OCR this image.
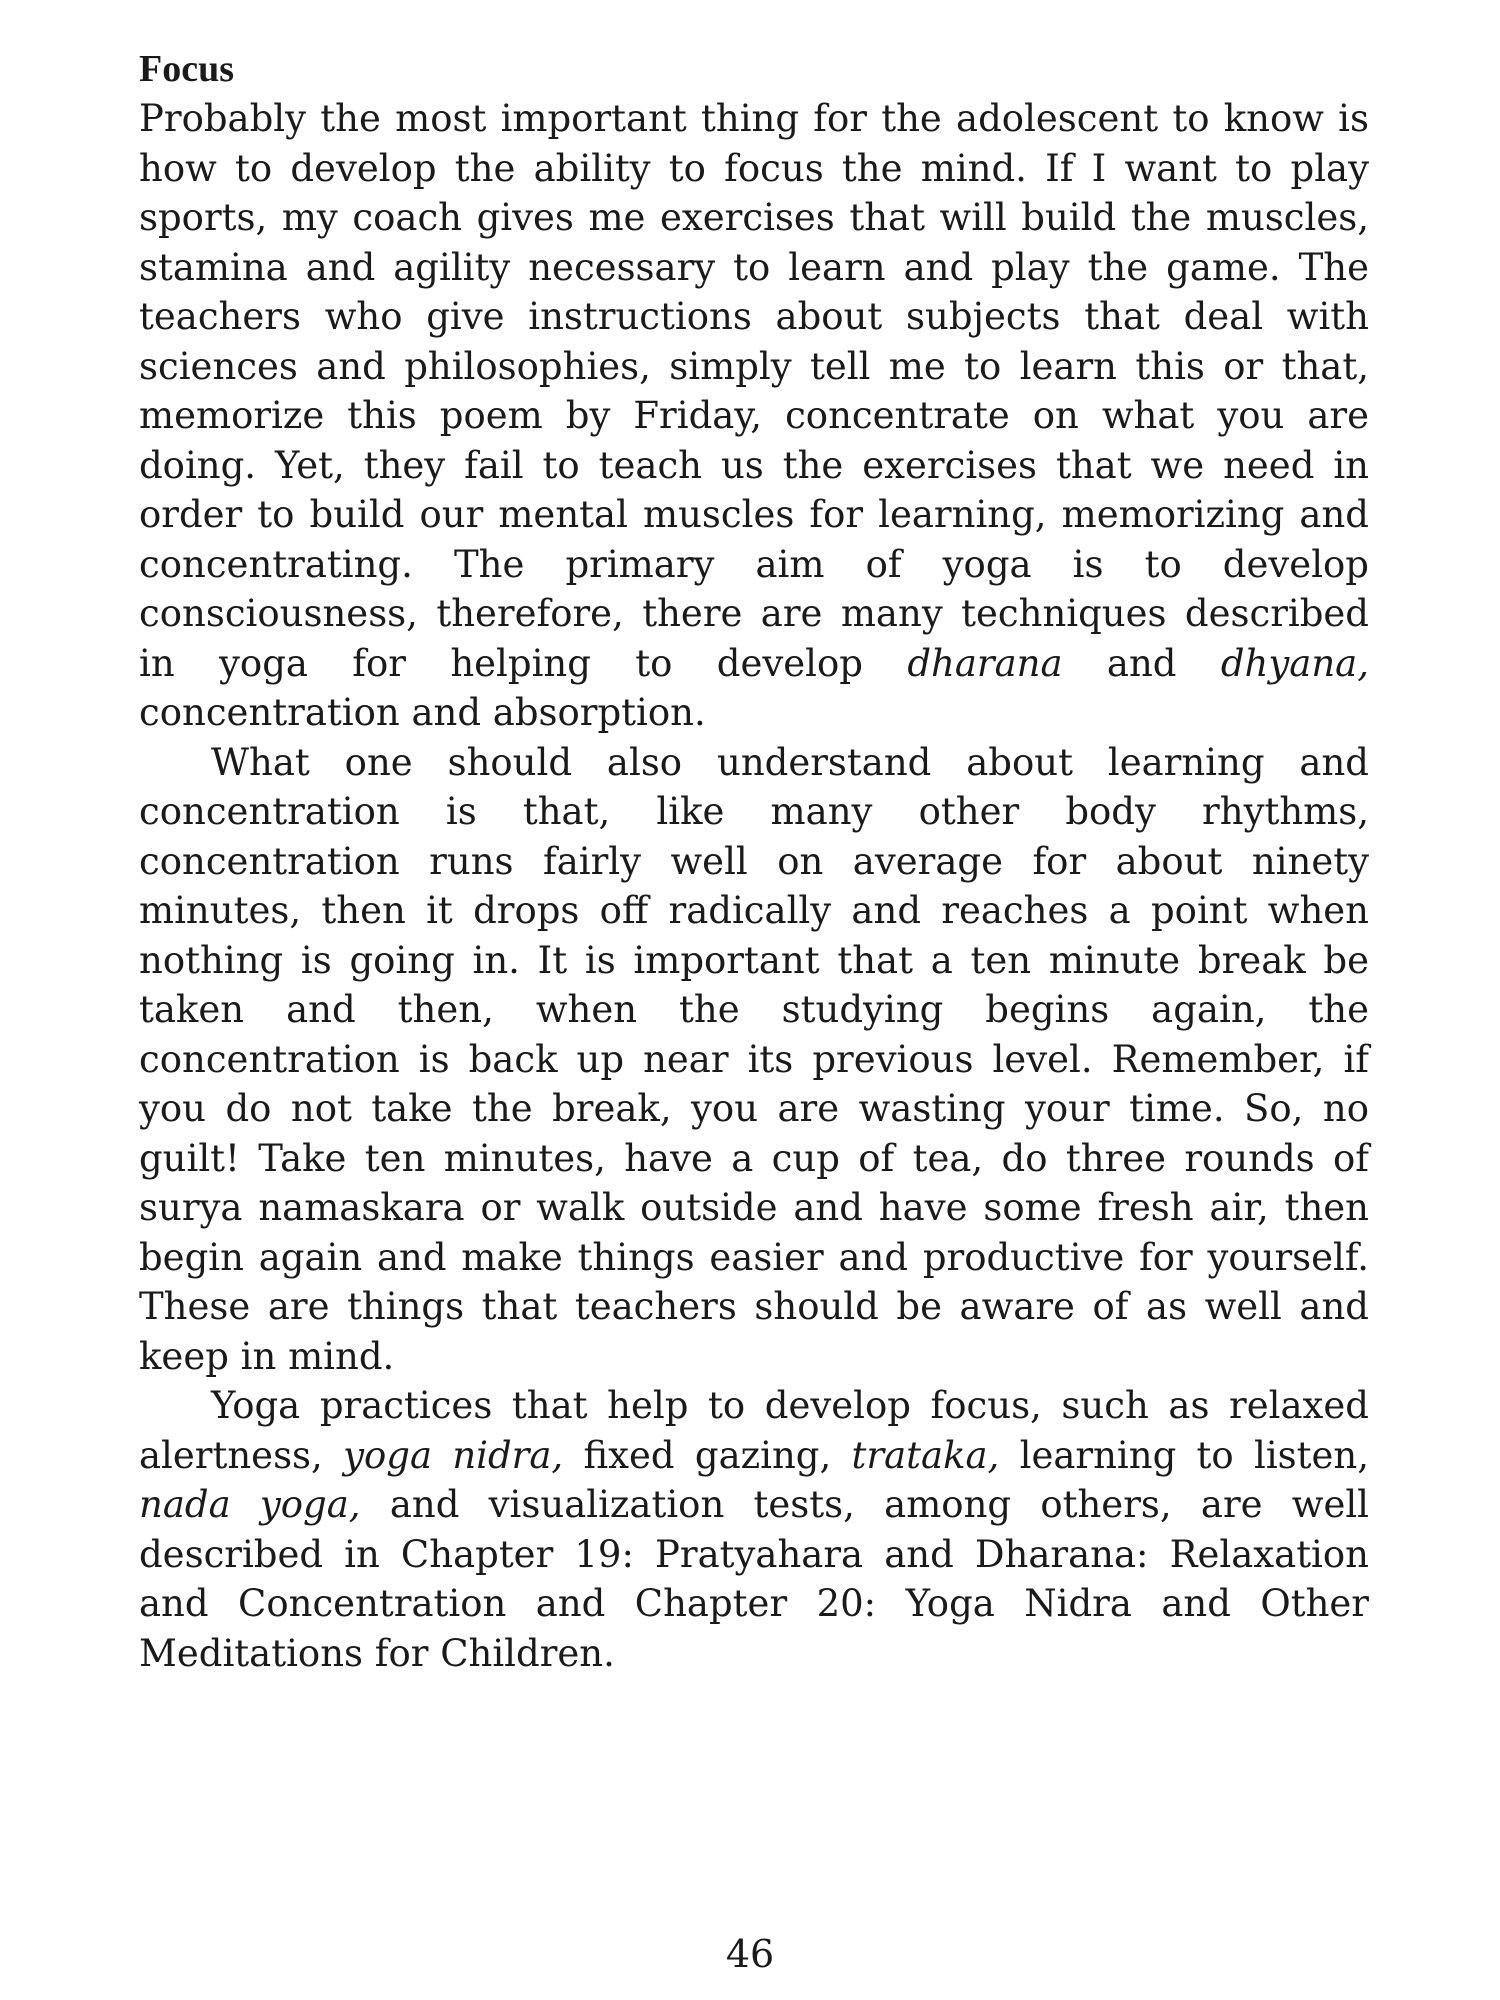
Focus

Probably the most important thing for the adolescent to know is how to develop the ability to focus the mind. If I want to play sports, my coach gives me exercises that will build the muscles, stamina and agility necessary to learn and play the game. The teachers who give instructions about subjects that deal with sciences and philosophies, simply tell me to learn this or that, memorize this poem by Friday, concentrate on what you are doing. Yet, they fail to teach us the exercises that we need in order to build our mental muscles for learning, memorizing and concentrating. The primary aim of yoga is to develop consciousness, therefore, there are many techniques described in yoga for helping to develop dharana and dhyana, concentration and absorption.

What one should also understand about learning and concentration is that, like many other body rhythms, concentration runs fairly well on average for about ninety minutes, then it drops off radically and reaches a point when nothing is going in. It is important that a ten minute break be taken and then, when the studying begins again, the concentration is back up near its previous level. Remember, if you do not take the break, you are wasting your time. So, no guilt! Take ten minutes, have a cup of tea, do three rounds of surya namaskara or walk outside and have some fresh air, then begin again and make things easier and productive for yourself. These are things that teachers should be aware of as well and keep in mind.

Yoga practices that help to develop focus, such as relaxed alertness, yoga nidra, fixed gazing, trataka, learning to listen, nada yoga, and visualization tests, among others, are well described in Chapter 19: Pratyahara and Dharana: Relaxation and Concentration and Chapter 20: Yoga Nidra and Other Meditations for Children.

46
